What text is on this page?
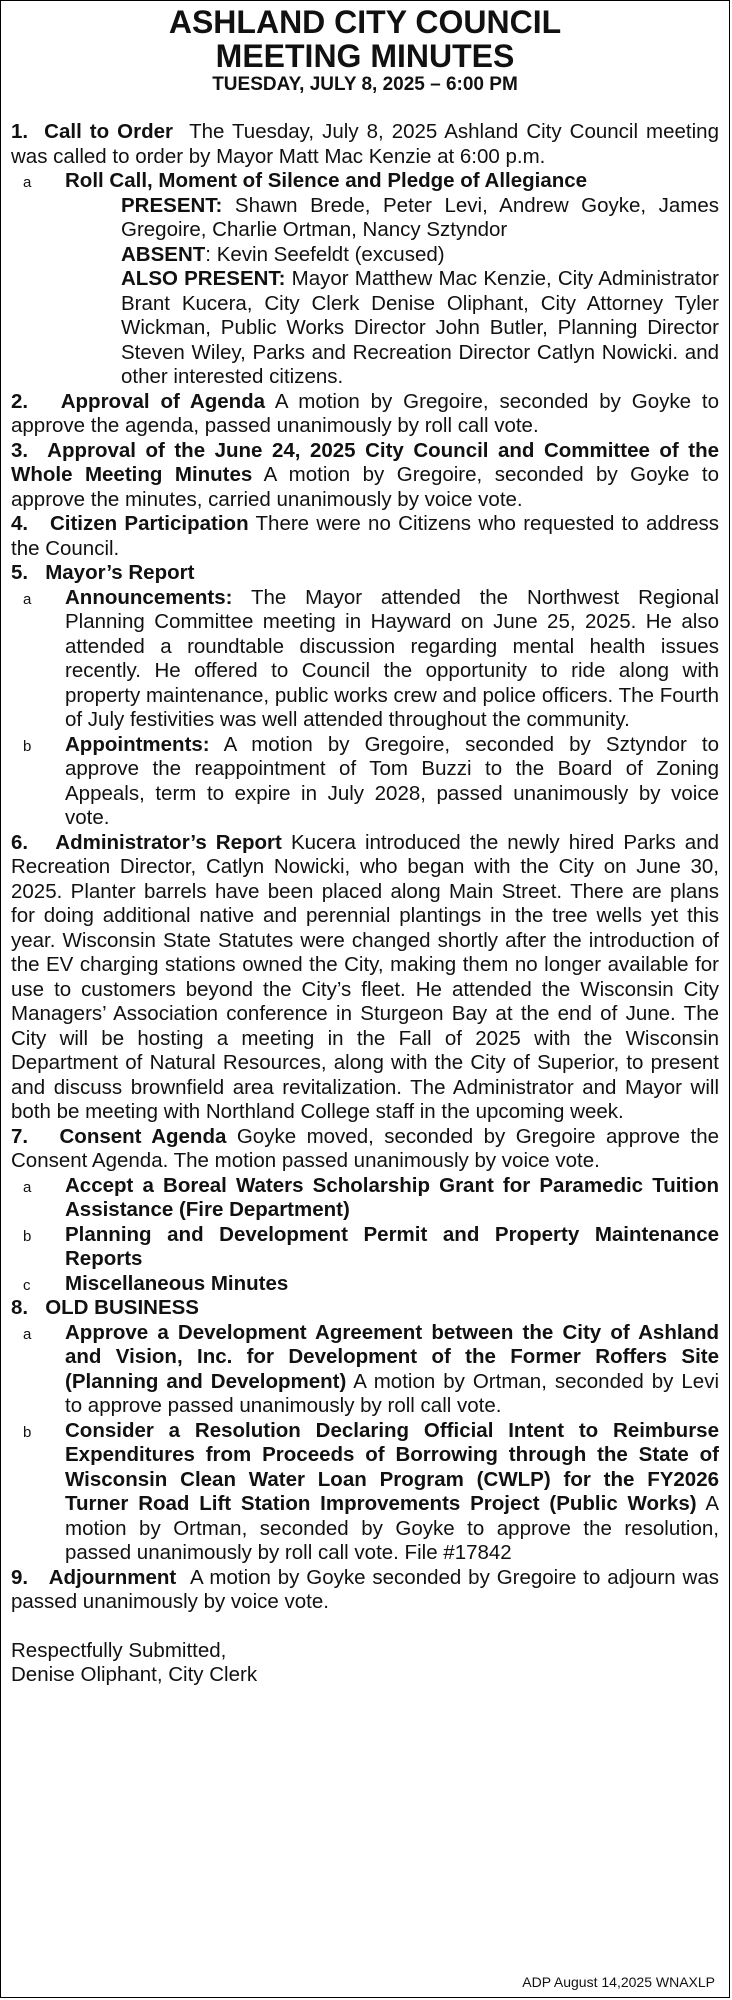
ASHLAND CITY COUNCIL
MEETING MINUTES
TUESDAY, JULY 8, 2025 – 6:00 PM

1. Call to Order The Tuesday, July 8, 2025 Ashland City Council meeting was called to order by Mayor Matt Mac Kenzie at 6:00 p.m.

a Roll Call, Moment of Silence and Pledge of Allegiance

PRESENT: Shawn Brede, Peter Levi, Andrew Goyke, James Gregoire, Charlie Ortman, Nancy Sztyndor

ABSENT: Kevin Seefeldt (excused)

ALSO PRESENT: Mayor Matthew Mac Kenzie, City Administrator Brant Kucera, City Clerk Denise Oliphant, City Attorney Tyler Wickman, Public Works Director John Butler, Planning Director Steven Wiley, Parks and Recreation Director Catlyn Nowicki. and other interested citizens.

2. Approval of Agenda A motion by Gregoire, seconded by Goyke to approve the agenda, passed unanimously by roll call vote.

3. Approval of the June 24, 2025 City Council and Committee of the Whole Meeting Minutes A motion by Gregoire, seconded by Goyke to approve the minutes, carried unanimously by voice vote.

4. Citizen Participation There were no Citizens who requested to address the Council.

5. Mayor’s Report

a Announcements: The Mayor attended the Northwest Regional Planning Committee meeting in Hayward on June 25, 2025. He also attended a roundtable discussion regarding mental health issues recently. He offered to Council the opportunity to ride along with property maintenance, public works crew and police officers. The Fourth of July festivities was well attended throughout the community.

b Appointments: A motion by Gregoire, seconded by Sztyndor to approve the reappointment of Tom Buzzi to the Board of Zoning Appeals, term to expire in July 2028, passed unanimously by voice vote.

6. Administrator’s Report Kucera introduced the newly hired Parks and Recreation Director, Catlyn Nowicki, who began with the City on June 30, 2025. Planter barrels have been placed along Main Street. There are plans for doing additional native and perennial plantings in the tree wells yet this year. Wisconsin State Statutes were changed shortly after the introduction of the EV charging stations owned the City, making them no longer available for use to customers beyond the City’s fleet. He attended the Wisconsin City Managers’ Association conference in Sturgeon Bay at the end of June. The City will be hosting a meeting in the Fall of 2025 with the Wisconsin Department of Natural Resources, along with the City of Superior, to present and discuss brownfield area revitalization. The Administrator and Mayor will both be meeting with Northland College staff in the upcoming week.

7. Consent Agenda Goyke moved, seconded by Gregoire approve the Consent Agenda. The motion passed unanimously by voice vote.

a Accept a Boreal Waters Scholarship Grant for Paramedic Tuition Assistance (Fire Department)

b Planning and Development Permit and Property Maintenance Reports

c Miscellaneous Minutes

8. OLD BUSINESS

a Approve a Development Agreement between the City of Ashland and Vision, Inc. for Development of the Former Roffers Site (Planning and Development) A motion by Ortman, seconded by Levi to approve passed unanimously by roll call vote.

b Consider a Resolution Declaring Official Intent to Reimburse Expenditures from Proceeds of Borrowing through the State of Wisconsin Clean Water Loan Program (CWLP) for the FY2026 Turner Road Lift Station Improvements Project (Public Works) A motion by Ortman, seconded by Goyke to approve the resolution, passed unanimously by roll call vote. File #17842

9. Adjournment A motion by Goyke seconded by Gregoire to adjourn was passed unanimously by voice vote.

Respectfully Submitted,

Denise Oliphant, City Clerk

ADP August 14,2025 WNAXLP
